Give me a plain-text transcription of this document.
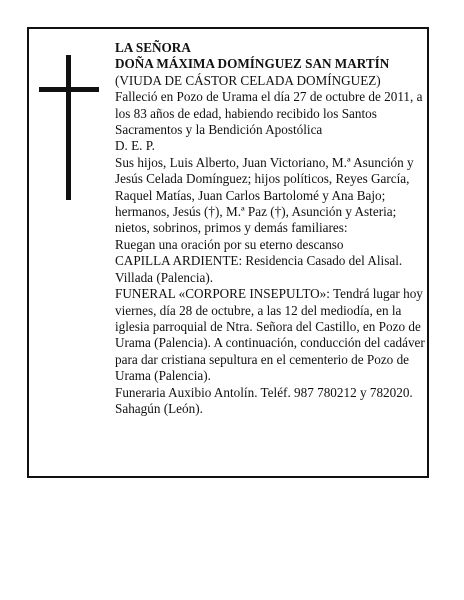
LA SEÑORA

DOÑA MÁXIMA DOMÍNGUEZ SAN MARTÍN

(VIUDA DE CÁSTOR CELADA DOMÍNGUEZ)

Falleció en Pozo de Urama el día 27 de octubre de 2011, a los 83 años de edad, habiendo recibido los Santos Sacramentos y la Bendición Apostólica

D. E. P.

Sus hijos, Luis Alberto, Juan Victoriano, M.ª Asunción y Jesús Celada Domínguez; hijos políticos, Reyes García, Raquel Matías, Juan Carlos Bartolomé y Ana Bajo; hermanos, Jesús (†), M.ª Paz (†), Asunción y Asteria; nietos, sobrinos, primos y demás familiares:

Ruegan una oración por su eterno descanso

CAPILLA ARDIENTE: Residencia Casado del Alisal. Villada (Palencia).

FUNERAL «CORPORE INSEPULTO»: Tendrá lugar hoy viernes, día 28 de octubre, a las 12 del mediodía, en la iglesia parroquial de Ntra. Señora del Castillo, en Pozo de Urama (Palencia). A continuación, conducción del cadáver para dar cristiana sepultura en el cementerio de Pozo de Urama (Palencia).

Funeraria Auxibio Antolín. Teléf. 987 780212 y 782020. Sahagún (León).
